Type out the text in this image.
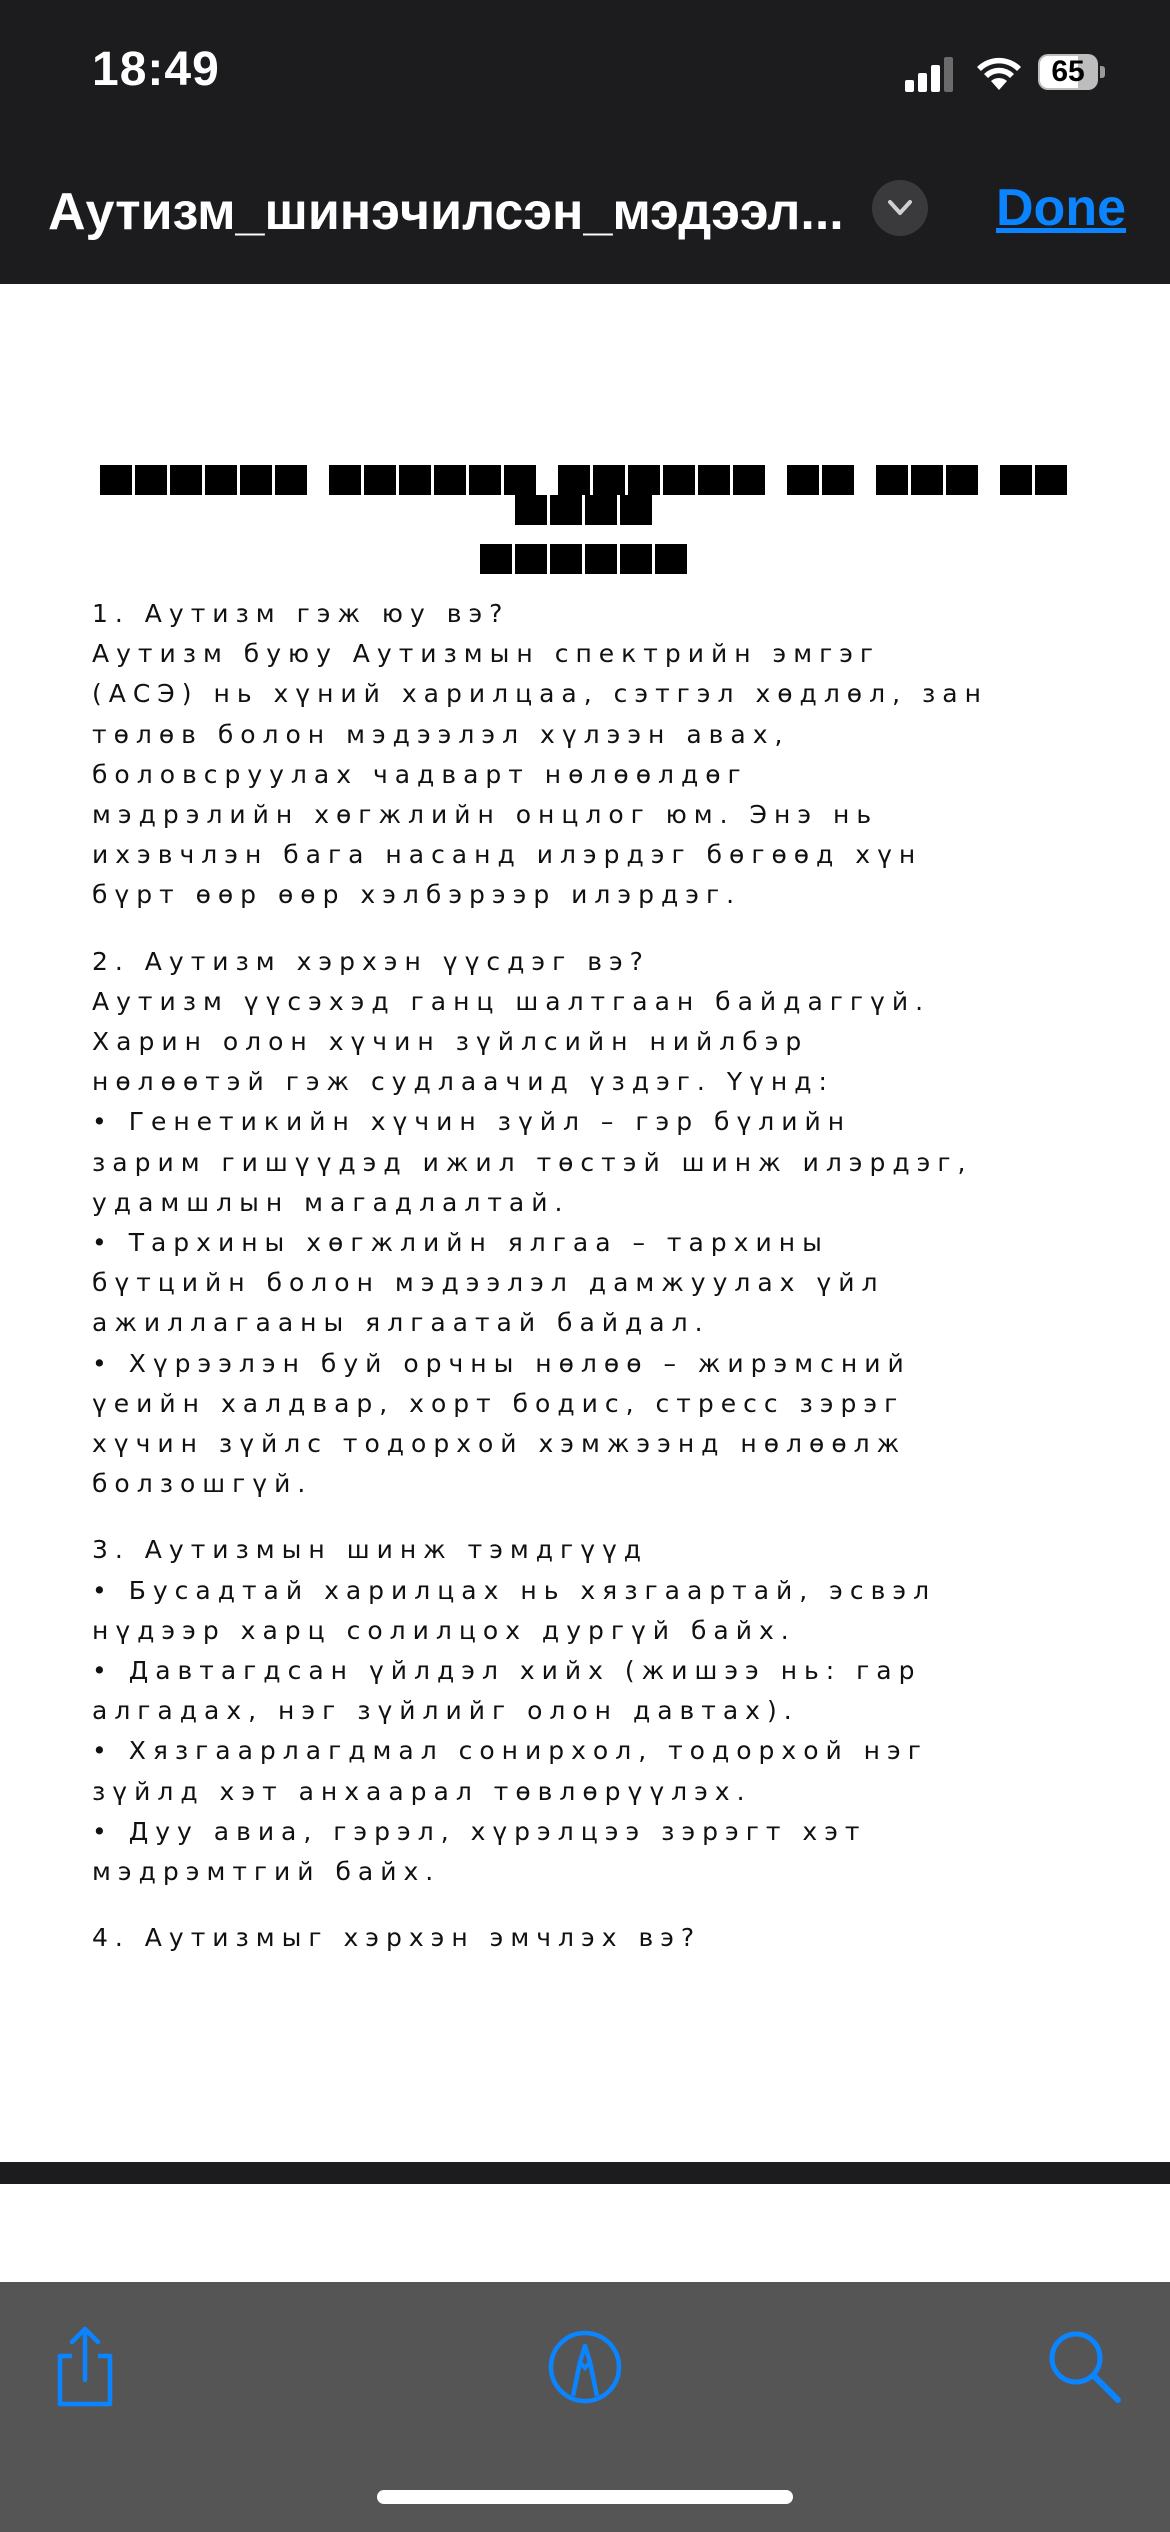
18:49	65
Аутизм_шинэчилсэн_мэдээл...	Done

1. Аутизм гэж юу вэ?
Аутизм буюу Аутизмын спектрийн эмгэг
(АСЭ) нь хүний харилцаа, сэтгэл хөдлөл, зан
төлөв болон мэдээлэл хүлээн авах,
боловсруулах чадварт нөлөөлдөг
мэдрэлийн хөгжлийн онцлог юм. Энэ нь
ихэвчлэн бага насанд илэрдэг бөгөөд хүн
бүрт өөр өөр хэлбэрээр илэрдэг.
2. Аутизм хэрхэн үүсдэг вэ?
Аутизм үүсэхэд ганц шалтгаан байдаггүй.
Харин олон хүчин зүйлсийн нийлбэр
нөлөөтэй гэж судлаачид үздэг. Үүнд:
• Генетикийн хүчин зүйл – гэр бүлийн
зарим гишүүдэд ижил төстэй шинж илэрдэг,
удамшлын магадлалтай.
• Тархины хөгжлийн ялгаа – тархины
бүтцийн болон мэдээлэл дамжуулах үйл
ажиллагааны ялгаатай байдал.
• Хүрээлэн буй орчны нөлөө – жирэмсний
үеийн халдвар, хорт бодис, стресс зэрэг
хүчин зүйлс тодорхой хэмжээнд нөлөөлж
болзошгүй.
3. Аутизмын шинж тэмдгүүд
• Бусадтай харилцах нь хязгаартай, эсвэл
нүдээр харц солилцох дургүй байх.
• Давтагдсан үйлдэл хийх (жишээ нь: гар
алгадах, нэг зүйлийг олон давтах).
• Хязгаарлагдмал сонирхол, тодорхой нэг
зүйлд хэт анхаарал төвлөрүүлэх.
• Дуу авиа, гэрэл, хүрэлцээ зэрэгт хэт
мэдрэмтгий байх.
4. Аутизмыг хэрхэн эмчлэх вэ?
